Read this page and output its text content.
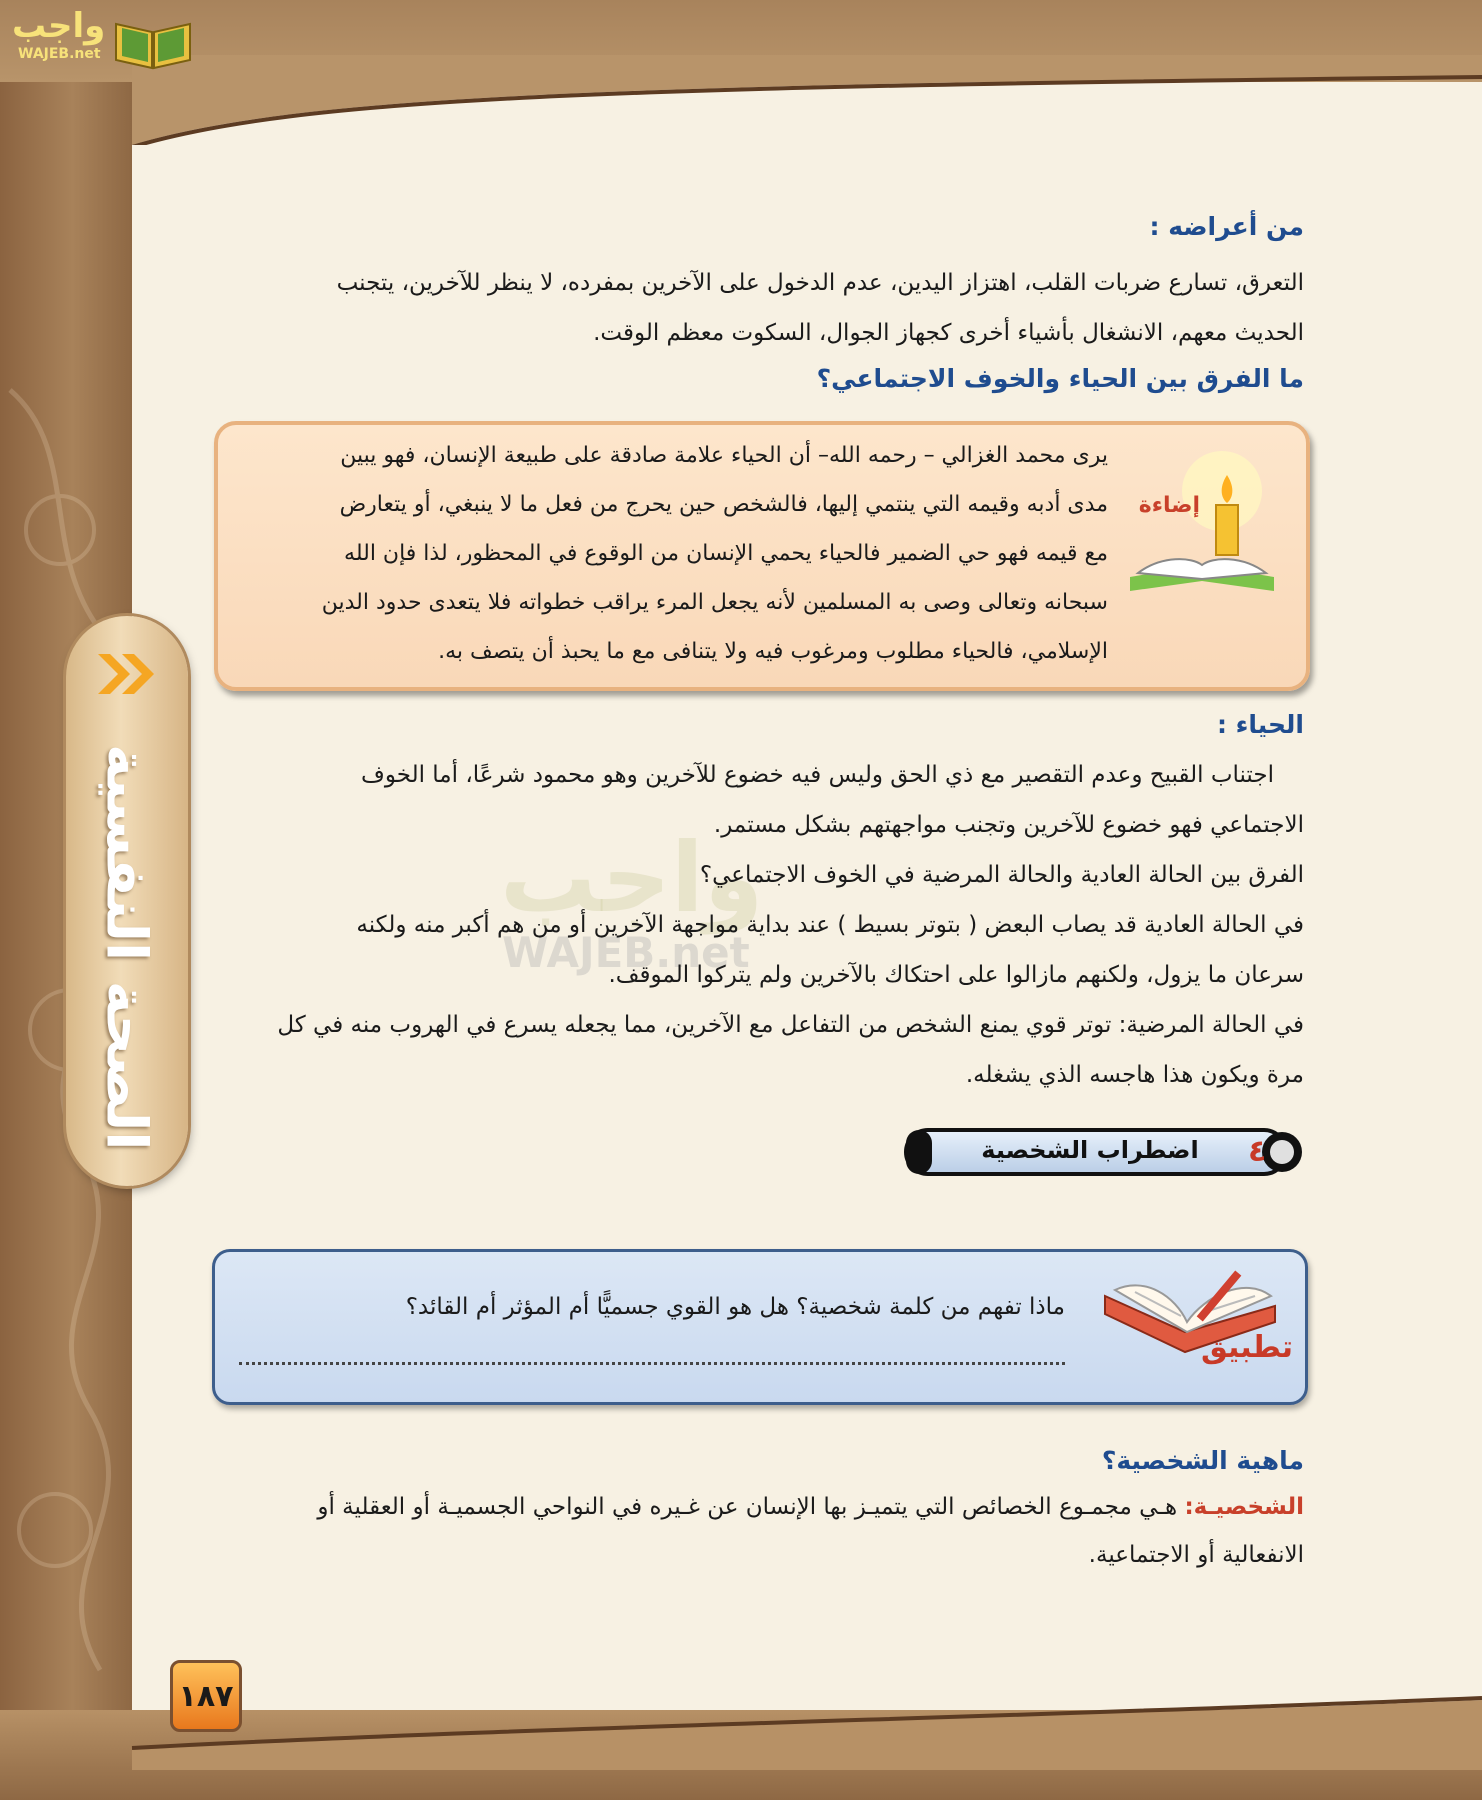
واجب
WAJEB.net
الصحة النفسية	واجب
WAJEB.net
من أعراضه :
التعرق، تسارع ضربات القلب، اهتزاز اليدين، عدم الدخول على الآخرين بمفرده، لا ينظر للآخرين، يتجنب
الحديث معهم، الانشغال بأشياء أخرى كجهاز الجوال، السكوت معظم الوقت.
ما الفرق بين الحياء والخوف الاجتماعي؟
إضاءة
يرى محمد الغزالي – رحمه الله– أن الحياء علامة صادقة على طبيعة الإنسان، فهو يبين
مدى أدبه وقيمه التي ينتمي إليها، فالشخص حين يحرج من فعل ما لا ينبغي، أو يتعارض
مع قيمه فهو حي الضمير فالحياء يحمي الإنسان من الوقوع في المحظور، لذا فإن الله
سبحانه وتعالى وصى به المسلمين لأنه يجعل المرء يراقب خطواته فلا يتعدى حدود الدين
الإسلامي، فالحياء مطلوب ومرغوب فيه ولا يتنافى مع ما يحبذ أن يتصف به.
الحياء :
اجتناب القبيح وعدم التقصير مع ذي الحق وليس فيه خضوع للآخرين وهو محمود شرعًا، أما الخوف
الاجتماعي فهو خضوع للآخرين وتجنب مواجهتهم بشكل مستمر.
الفرق بين الحالة العادية والحالة المرضية في الخوف الاجتماعي؟
في الحالة العادية قد يصاب البعض ( بتوتر بسيط ) عند بداية مواجهة الآخرين أو من هم أكبر منه ولكنه
سرعان ما يزول، ولكنهم مازالوا على احتكاك بالآخرين ولم يتركوا الموقف.
في الحالة المرضية: توتر قوي يمنع الشخص من التفاعل مع الآخرين، مما يجعله يسرع في الهروب منه في كل
مرة ويكون هذا هاجسه الذي يشغله.
٤
اضطراب الشخصية
تطبيق
ماذا تفهم من كلمة شخصية؟ هل هو القوي جسميًّا أم المؤثر أم القائد؟
ماهية الشخصية؟
الشخصيـة: هـي مجمـوع الخصائص التي يتميـز بها الإنسان عن غـيره في النواحي الجسميـة أو العقلية أو
الانفعالية أو الاجتماعية.
١٨٧
